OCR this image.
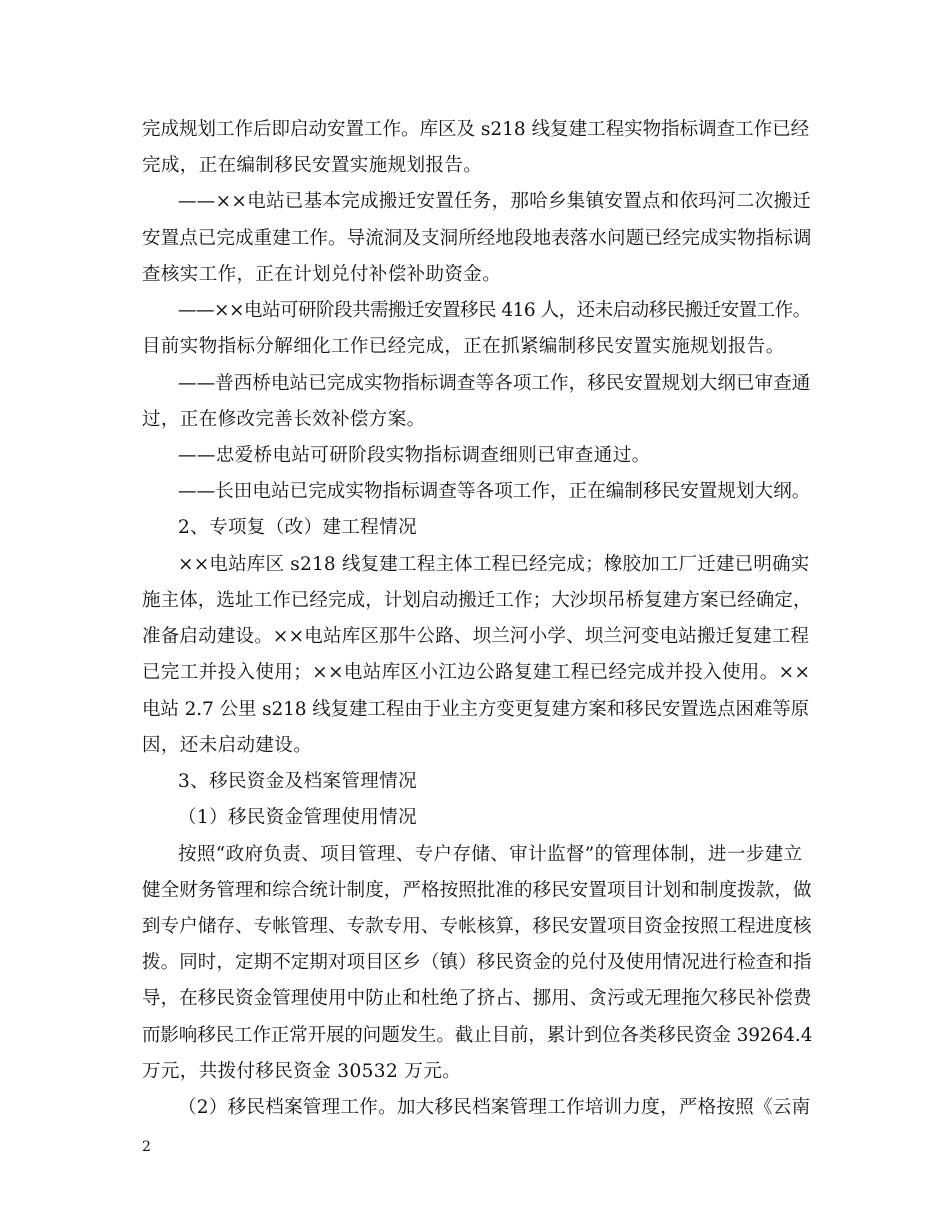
完成规划工作后即启动安置工作。库区及 s218 线复建工程实物指标调查工作已经
完成，正在编制移民安置实施规划报告。
——××电站已基本完成搬迁安置任务，那哈乡集镇安置点和依玛河二次搬迁
安置点已完成重建工作。导流洞及支洞所经地段地表落水问题已经完成实物指标调
查核实工作，正在计划兑付补偿补助资金。
——××电站可研阶段共需搬迁安置移民 416 人，还未启动移民搬迁安置工作。
目前实物指标分解细化工作已经完成，正在抓紧编制移民安置实施规划报告。
——普西桥电站已完成实物指标调查等各项工作，移民安置规划大纲已审查通
过，正在修改完善长效补偿方案。
——忠爱桥电站可研阶段实物指标调查细则已审查通过。
——长田电站已完成实物指标调查等各项工作，正在编制移民安置规划大纲。
2、专项复（改）建工程情况
××电站库区 s218 线复建工程主体工程已经完成；橡胶加工厂迁建已明确实
施主体，选址工作已经完成，计划启动搬迁工作；大沙坝吊桥复建方案已经确定，
准备启动建设。××电站库区那牛公路、坝兰河小学、坝兰河变电站搬迁复建工程
已完工并投入使用；××电站库区小江边公路复建工程已经完成并投入使用。××
电站 2.7 公里 s218 线复建工程由于业主方变更复建方案和移民安置选点困难等原
因，还未启动建设。
3、移民资金及档案管理情况
（1）移民资金管理使用情况
按照“政府负责、项目管理、专户存储、审计监督”的管理体制，进一步建立
健全财务管理和综合统计制度，严格按照批准的移民安置项目计划和制度拨款，做
到专户储存、专帐管理、专款专用、专帐核算，移民安置项目资金按照工程进度核
拨。同时，定期不定期对项目区乡（镇）移民资金的兑付及使用情况进行检查和指
导，在移民资金管理使用中防止和杜绝了挤占、挪用、贪污或无理拖欠移民补偿费
而影响移民工作正常开展的问题发生。截止目前，累计到位各类移民资金 39264.4
万元，共拨付移民资金 30532 万元。
（2）移民档案管理工作。加大移民档案管理工作培训力度，严格按照《云南
2
